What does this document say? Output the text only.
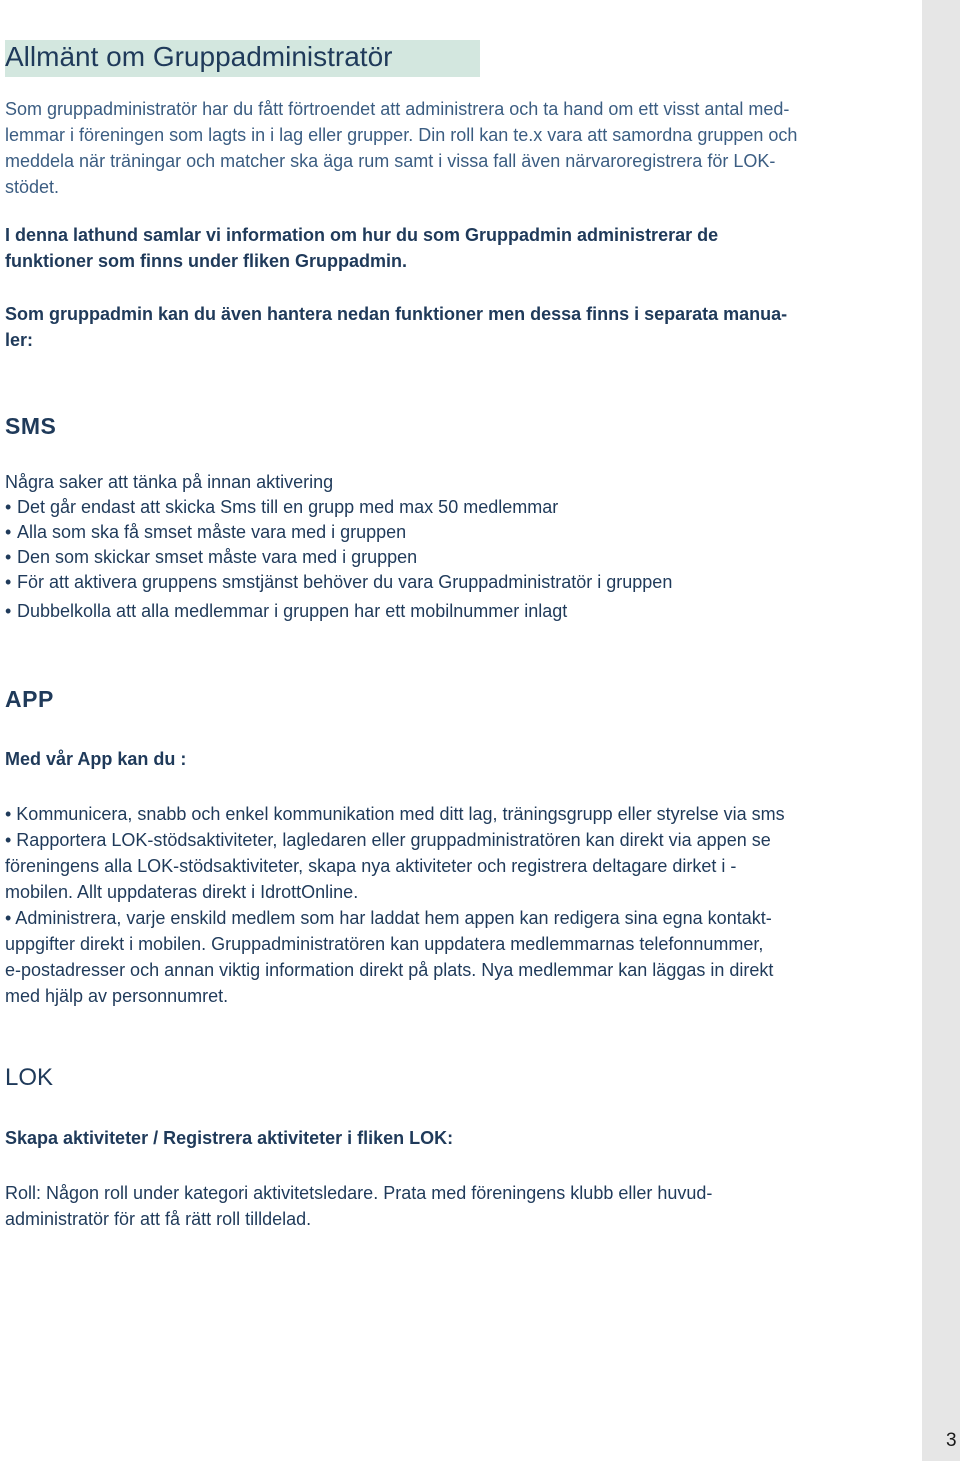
3
Allmänt om Gruppadministratör

Som gruppadministratör har du fått förtroendet att administrera och ta hand om ett visst antal med-
lemmar i föreningen som lagts in i lag eller grupper. Din roll kan te.x vara att samordna gruppen och
meddela när träningar och matcher ska äga rum samt i vissa fall även närvaroregistrera för LOK-
stödet.

I denna lathund samlar vi information om hur du som Gruppadmin administrerar de
funktioner som finns under fliken Gruppadmin.

Som gruppadmin kan du även hantera nedan funktioner men dessa finns i separata manua-
ler:

SMS

Några saker att tänka på innan aktivering

• Det går endast att skicka Sms till en grupp med max 50 medlemmar
• Alla som ska få smset måste vara med i gruppen
• Den som skickar smset måste vara med i gruppen
• För att aktivera gruppens smstjänst behöver du vara Gruppadministratör i gruppen
• Dubbelkolla att alla medlemmar i gruppen har ett mobilnummer inlagt
APP

Med vår App kan du :

• Kommunicera, snabb och enkel kommunikation med ditt lag, träningsgrupp eller styrelse via sms
• Rapportera LOK-stödsaktiviteter, lagledaren eller gruppadministratören kan direkt via appen se
föreningens alla LOK-stödsaktiviteter, skapa nya aktiviteter och registrera deltagare dirket i -
mobilen. Allt uppdateras direkt i IdrottOnline.
• Administrera, varje enskild medlem som har laddat hem appen kan redigera sina egna kontakt-
uppgifter direkt i mobilen. Gruppadministratören kan uppdatera medlemmarnas telefonnummer,
e-postadresser och annan viktig information direkt på plats. Nya medlemmar kan läggas in direkt
med hjälp av personnumret.

LOK

Skapa aktiviteter / Registrera aktiviteter i fliken LOK:

Roll: Någon roll under kategori aktivitetsledare. Prata med föreningens klubb eller huvud-
administratör för att få rätt roll tilldelad.
